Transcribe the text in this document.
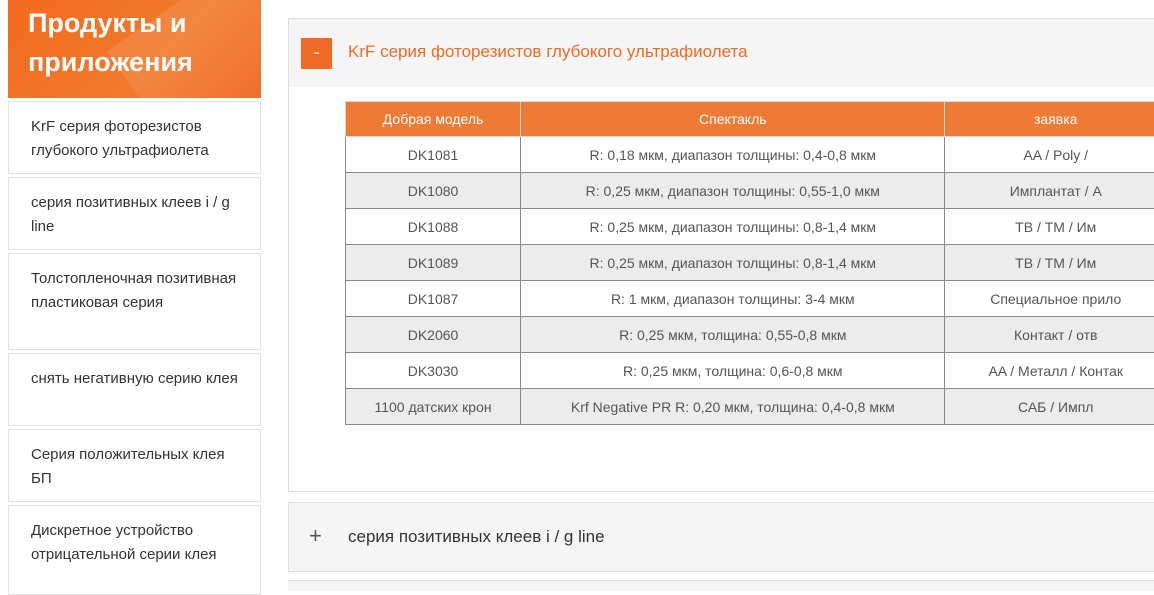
Продукты и
приложения
KrF серия фоторезистов глубокого ультрафиолета
серия позитивных клеев i / g line
Толстопленочная позитивная пластиковая серия
снять негативную серию клея
Серия положительных клея БП
Дискретное устройство отрицательной серии клея
-	KrF серия фоторезистов глубокого ультрафиолета
Добрая модель	Спектакль	заявка
DK1081	R: 0,18 мкм, диапазон толщины: 0,4-0,8 мкм	AA / Poly /
DK1080	R: 0,25 мкм, диапазон толщины: 0,55-1,0 мкм	Имплантат / А
DK1088	R: 0,25 мкм, диапазон толщины: 0,8-1,4 мкм	ТВ / ТМ / Им
DK1089	R: 0,25 мкм, диапазон толщины: 0,8-1,4 мкм	ТВ / ТМ / Им
DK1087	R: 1 мкм, диапазон толщины: 3-4 мкм	Специальное прило
DK2060	R: 0,25 мкм, толщина: 0,55-0,8 мкм	Контакт / отв
DK3030	R: 0,25 мкм, толщина: 0,6-0,8 мкм	AA / Металл / Контак
1100 датских крон	Krf Negative PR R: 0,20 мкм, толщина: 0,4-0,8 мкм	САБ / Импл
+ серия позитивных клеев i / g line
